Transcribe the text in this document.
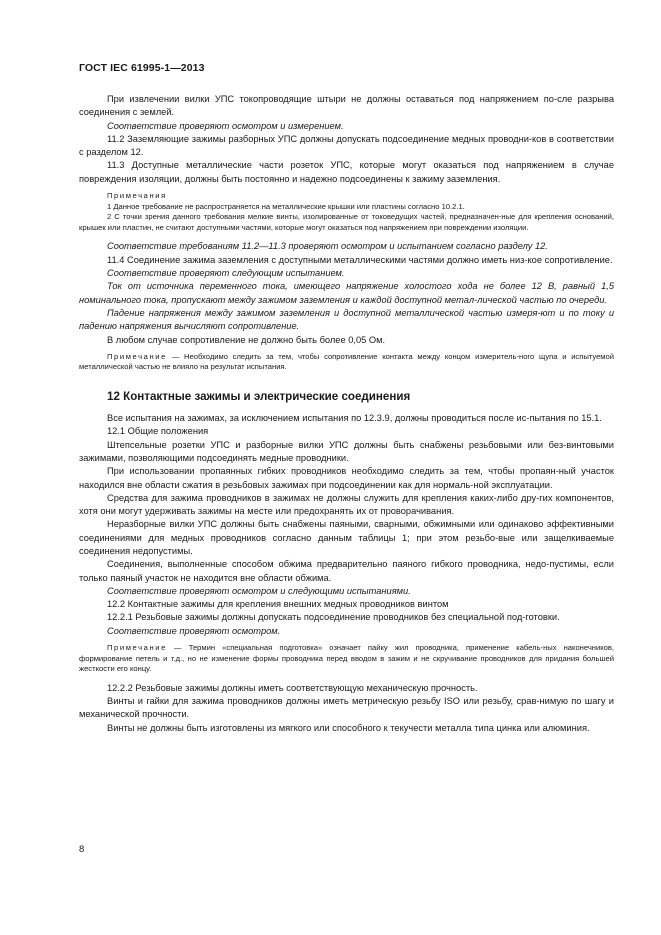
ГОСТ IEC 61995-1—2013

При извлечении вилки УПС токопроводящие штыри не должны оставаться под напряжением по-сле разрыва соединения с землей.

Соответствие проверяют осмотром и измерением.

11.2 Заземляющие зажимы разборных УПС должны допускать подсоединение медных проводни-ков в соответствии с разделом 12.

11.3 Доступные металлические части розеток УПС, которые могут оказаться под напряжением в случае повреждения изоляции, должны быть постоянно и надежно подсоединены к зажиму заземления.

Примечания

1 Данное требование не распространяется на металлические крышки или пластины согласно 10.2.1.

2 С точки зрения данного требования мелкие винты, изолированные от токоведущих частей, предназначен-ные для крепления оснований, крышек или пластин, не считают доступными частями, которые могут оказаться под напряжением при повреждении изоляции.

Соответствие требованиям 11.2—11.3 проверяют осмотром и испытанием согласно разделу 12.

11.4 Соединение зажима заземления с доступными металлическими частями должно иметь низ-кое сопротивление.

Соответствие проверяют следующим испытанием.

Ток от источника переменного тока, имеющего напряжение холостого хода не более 12 В, равный 1,5 номинального тока, пропускают между зажимом заземления и каждой доступной метал-лической частью по очереди.

Падение напряжения между зажимом заземления и доступной металлической частью измеря-ют и по току и падению напряжения вычисляют сопротивление.

В любом случае сопротивление не должно быть более 0,05 Ом.

Примечание — Необходимо следить за тем, чтобы сопротивление контакта между концом измеритель-ного щупа и испытуемой металлической частью не влияло на результат испытания.

12 Контактные зажимы и электрические соединения

Все испытания на зажимах, за исключением испытания по 12.3.9, должны проводиться после ис-пытания по 15.1.

12.1 Общие положения

Штепсельные розетки УПС и разборные вилки УПС должны быть снабжены резьбовыми или без-винтовыми зажимами, позволяющими подсоединять медные проводники.

При использовании пропаянных гибких проводников необходимо следить за тем, чтобы пропаян-ный участок находился вне области сжатия в резьбовых зажимах при подсоединении как для нормаль-ной эксплуатации.

Средства для зажима проводников в зажимах не должны служить для крепления каких-либо дру-гих компонентов, хотя они могут удерживать зажимы на месте или предохранять их от проворачивания.

Неразборные вилки УПС должны быть снабжены паяными, сварными, обжимными или одинаково эффективными соединениями для медных проводников согласно данным таблицы 1; при этом резьбо-вые или защелкиваемые соединения недопустимы.

Соединения, выполненные способом обжима предварительно паяного гибкого проводника, недо-пустимы, если только паяный участок не находится вне области обжима.

Соответствие проверяют осмотром и следующими испытаниями.

12.2 Контактные зажимы для крепления внешних медных проводников винтом

12.2.1 Резьбовые зажимы должны допускать подсоединение проводников без специальной под-готовки.

Соответствие проверяют осмотром.

Примечание — Термин «специальная подготовка» означает пайку жил проводника, применение кабель-ных наконечников, формирование петель и т.д., но не изменение формы проводника перед вводом в зажим и не скручивание проводников для придания большей жесткости его концу.

12.2.2 Резьбовые зажимы должны иметь соответствующую механическую прочность.

Винты и гайки для зажима проводников должны иметь метрическую резьбу ISO или резьбу, срав-нимую по шагу и механической прочности.

Винты не должны быть изготовлены из мягкого или способного к текучести металла типа цинка или алюминия.

8
